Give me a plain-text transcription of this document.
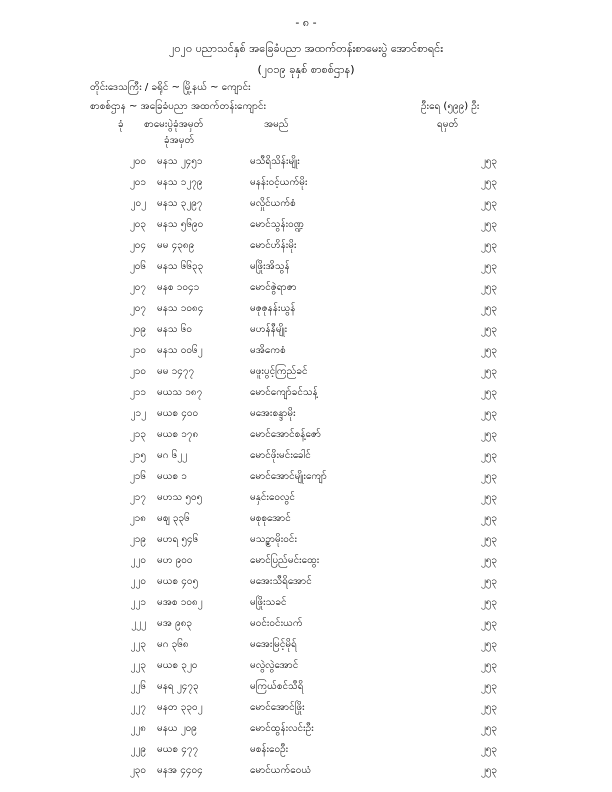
- ၈ -
၂၀၂၀ ပညာသင်နှစ် အခြေခံပညာ အထက်တန်းစာမေးပွဲ အောင်စာရင်း
(၂၀၁၉ ခုနှစ် စာစစ်ဌာန)
တိုင်းဒေသကြီး / ခရိုင် ~ မြို့နယ် ~ ကျောင်း
စာစစ်ဌာန ~ အခြေခံပညာ အထက်တန်းကျောင်း	ဦးရေ (၅၉၉) ဦး
ခုံ စာမေးပွဲခုံအမှတ်	အမည်	ရမှတ်
ခုံအမှတ်
၂၀၀ မနသ ၂၄၅၁	မသီရိသိန်းမျိုး	၂၅၃
၂၀၁ မနသ ၁၂၇၉	မနန်းဝင့်ယက်မိုး	၂၅၃
၂၀၂ မနသ ၃၂၉၇	မလှိုင်ယက်စံ	၂၅၃
၂၀၃ မနသ ၅၆၉၀	မောင်သွန်းဝဏ္ဍ	၂၅၃
၂၀၄ မမ ၄၃၈၉	မောင်ဟိန်းမိုး	၂၅၃
၂၀၆ မနသ ၆၆၃၃	မဖြိုးအိသွန်	၂၅၃
၂၀၇ မနစ ၁၀၄၁	မောင်ဇွဲရာဇာ	၂၅၃
၂၀၇ မနသ ၁၀၈၄	မဇုဇုနန်းယွန်	၂၅၃
၂၀၉ မနသ ၆၀	မဟန်နီမျိုး	၂၅၃
၂၁၀ မနသ ၀၀၆၂	မအိကေစံ	၂၅၃
၂၁၀ မမ ၁၄၇၇	မဖူးပွင့်ကြည်ခင်	၂၅၃
၂၁၁ မယသ ၁၈၇	မောင်ကျော်ခင်သန့်	၂၅၃
၂၁၂ မယစ ၄၀၀	မအေးစန္ဒာမိုး	၂၅၃
၂၁၃ မယစ ၁၇၈	မောင်အောင်စန့်ဇော်	၂၅၃
၂၁၅ မဂ ၆၂၂	မောင်ဖိုးမင်းခေါင်	၂၅၃
၂၁၆ မယစ ၁	မောင်အောင်မျိုးကျော်	၂၅၃
၂၁၇ မဟသ ၅၀၅	မနှင်းဝေလွင်	၂၅၃
၂၁၈ မဈ ၃၃၆	မစုစုအောင်	၂၅၃
၂၁၉ မဟရ ၅၄၆	မသဥ္စာမိုးဝင်း	၂၅၃
၂၂၀ မဟ ၉၀၀	မောင်ပြည်မင်းထွေး	၂၅၃
၂၂၀ မယစ ၄၀၅	မအေးသီရိအောင်	၂၅၃
၂၂၁ မအစ ၁၀၈၂	မဖြိုးသခင်	၂၅၃
၂၂၂ မအ ၉၈၃	မဝင်းဝင်းယက်	၂၅၃
၂၂၃ မဂ ၃၆၈	မအေးမြင့်မိုရ်	၂၅၃
၂၂၃ မယစ ၃၂၀	မလွဲလွဲအောင်	၂၅၃
၂၂၆ မနရ ၂၄၇၃	မကြယ်စင်သီရိ	၂၅၃
၂၂၇ မနတ ၃၃၀၂	မောင်အောင်ဖြိုး	၂၅၃
၂၂၈ မနယ ၂၀၉	မောင်ထွန်းလင်းဦး	၂၅၃
၂၂၉ မယစ ၄၇၇	မစန်းဝေဦး	၂၅၃
၂၃၀ မနအ ၄၄၀၄	မောင်ယက်ဝေယံ	၂၅၃
